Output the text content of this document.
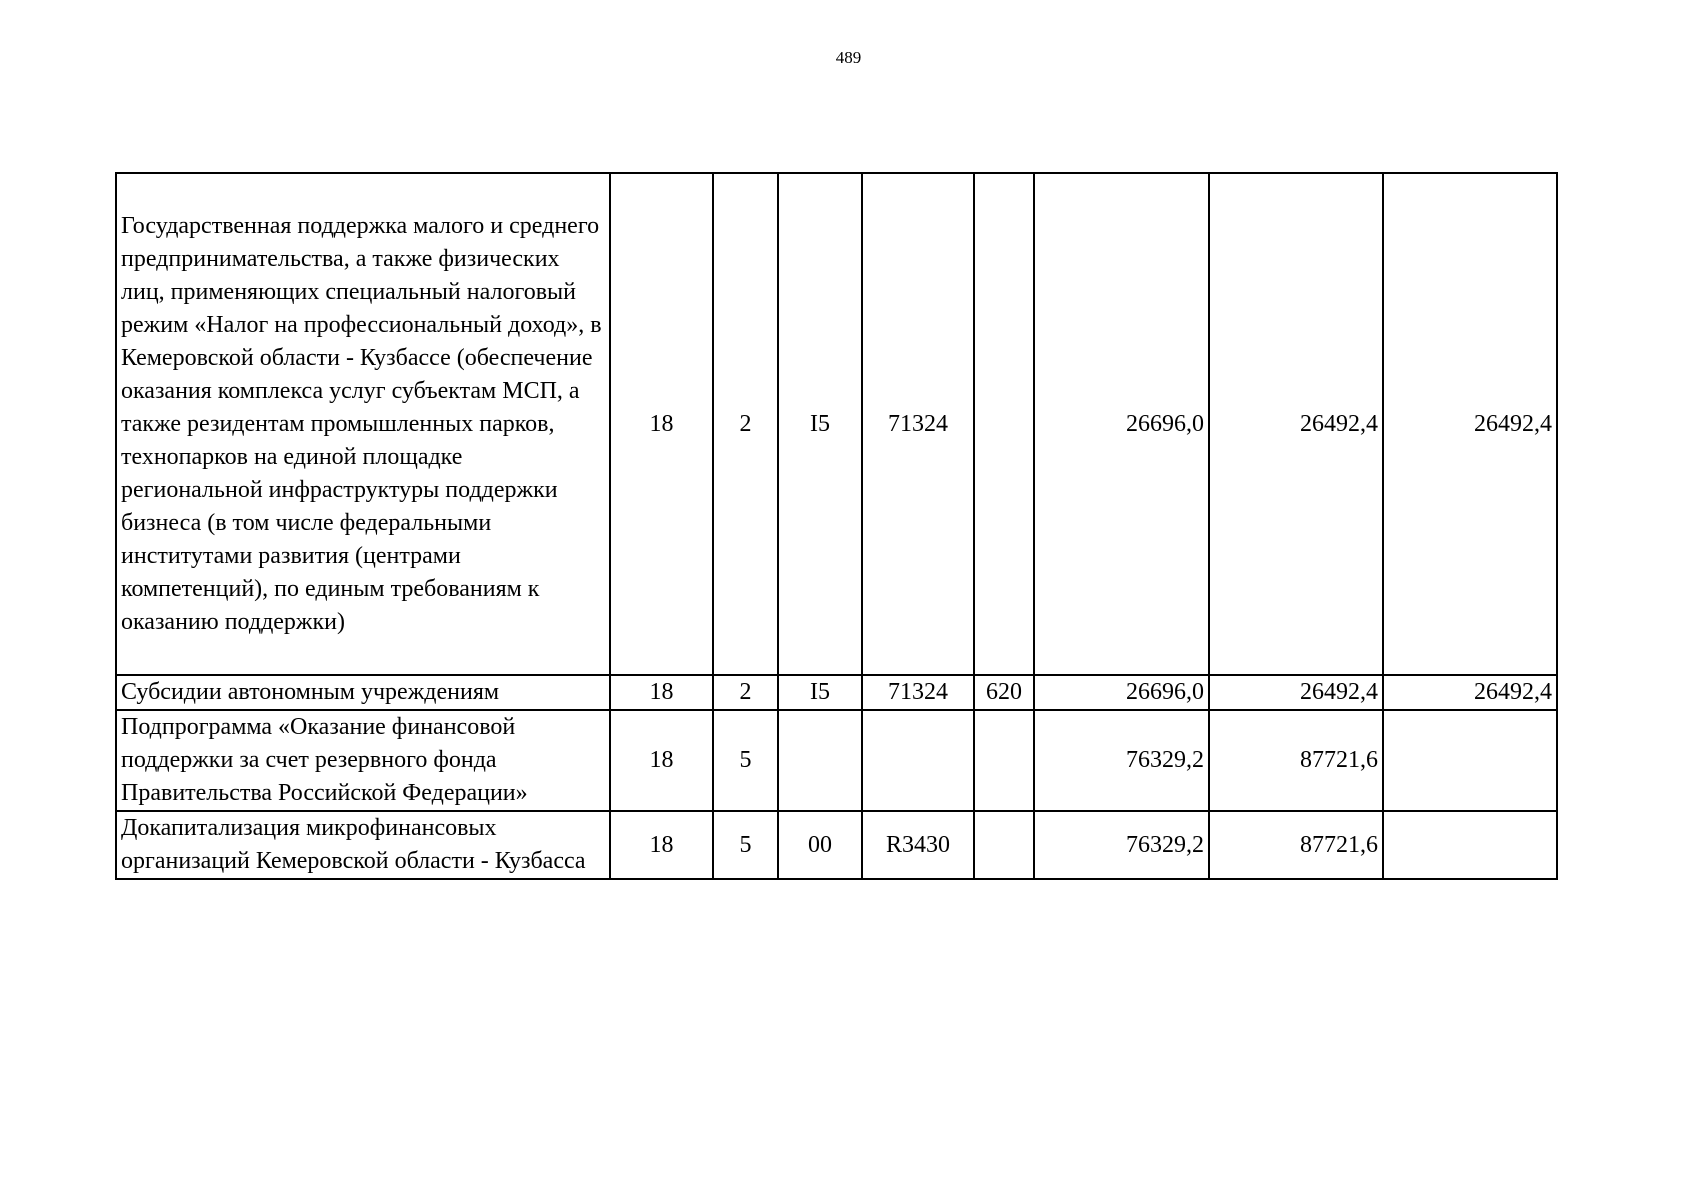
489
Государственная поддержка малого и среднего предпринимательства, а также физических лиц, применяющих специальный налоговый режим «Налог на профессиональный доход», в Кемеровской области - Кузбассе (обеспечение оказания комплекса услуг субъектам МСП, а также резидентам промышленных парков, технопарков на единой площадке региональной инфраструктуры поддержки бизнеса (в том числе федеральными институтами развития (центрами компетенций), по единым требованиям к оказанию поддержки)	18	2	I5	71324		26696,0	26492,4	26492,4
Субсидии автономным учреждениям	18	2	I5	71324	620	26696,0	26492,4	26492,4
Подпрограмма «Оказание финансовой поддержки за счет резервного фонда Правительства Российской Федерации»	18	5				76329,2	87721,6	
Докапитализация микрофинансовых организаций Кемеровской области - Кузбасса	18	5	00	R3430		76329,2	87721,6	
